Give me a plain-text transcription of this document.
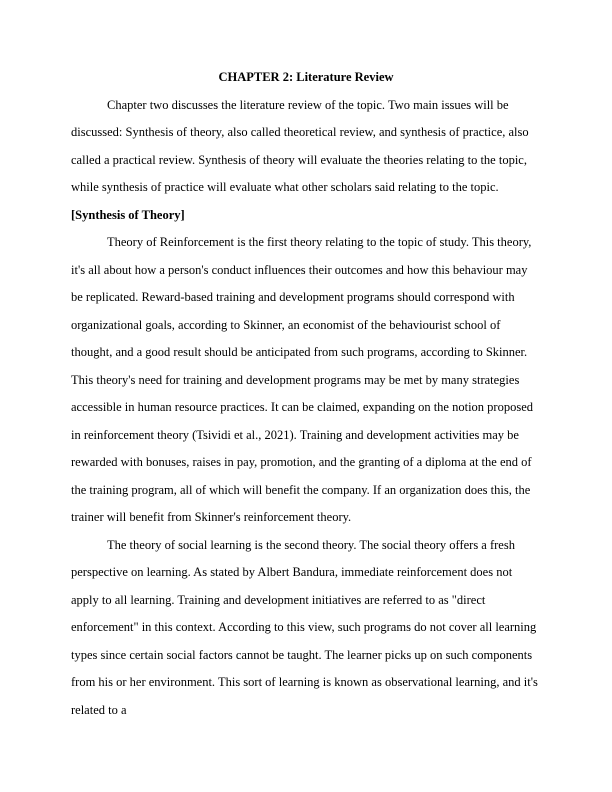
CHAPTER 2: Literature Review

Chapter two discusses the literature review of the topic. Two main issues will be discussed: Synthesis of theory, also called theoretical review, and synthesis of practice, also called a practical review. Synthesis of theory will evaluate the theories relating to the topic, while synthesis of practice will evaluate what other scholars said relating to the topic.

[Synthesis of Theory]

Theory of Reinforcement is the first theory relating to the topic of study. This theory, it's all about how a person's conduct influences their outcomes and how this behaviour may be replicated. Reward-based training and development programs should correspond with organizational goals, according to Skinner, an economist of the behaviourist school of thought, and a good result should be anticipated from such programs, according to Skinner. This theory's need for training and development programs may be met by many strategies accessible in human resource practices. It can be claimed, expanding on the notion proposed in reinforcement theory (Tsividi et al., 2021). Training and development activities may be rewarded with bonuses, raises in pay, promotion, and the granting of a diploma at the end of the training program, all of which will benefit the company. If an organization does this, the trainer will benefit from Skinner's reinforcement theory.

The theory of social learning is the second theory. The social theory offers a fresh perspective on learning. As stated by Albert Bandura, immediate reinforcement does not apply to all learning. Training and development initiatives are referred to as "direct enforcement" in this context. According to this view, such programs do not cover all learning types since certain social factors cannot be taught. The learner picks up on such components from his or her environment. This sort of learning is known as observational learning, and it's related to a
